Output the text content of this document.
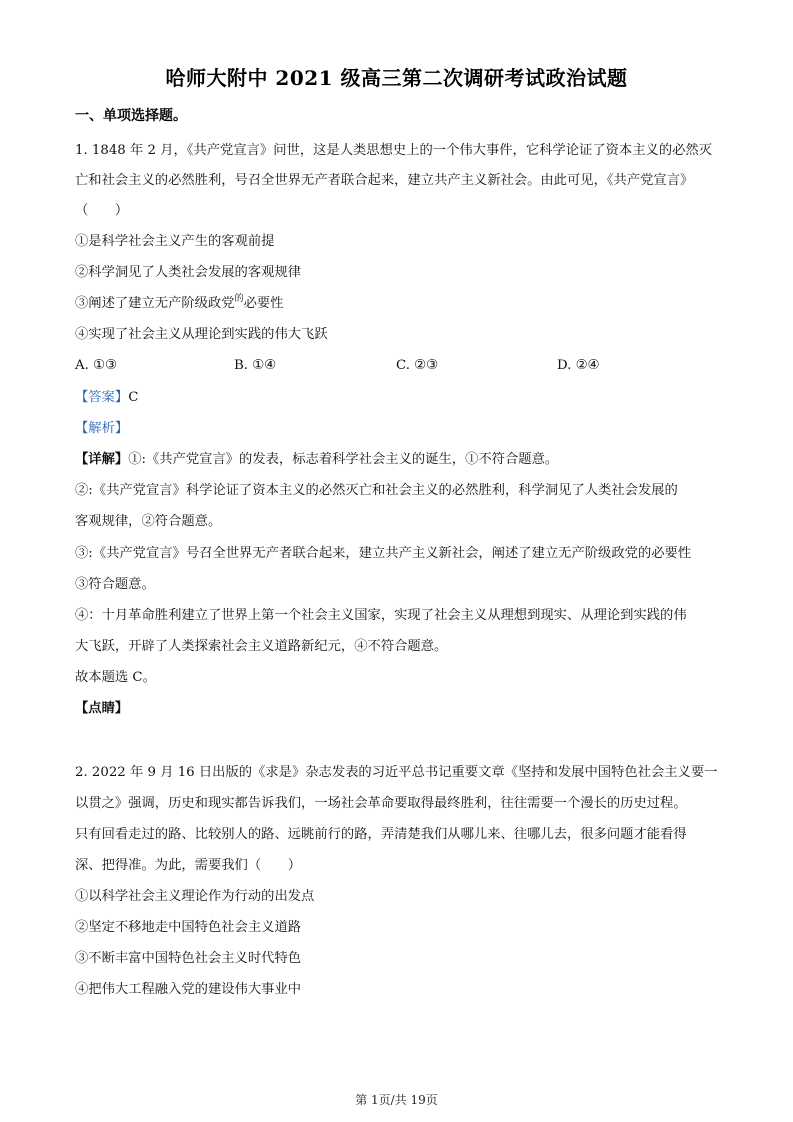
哈师大附中 2021 级高三第二次调研考试政治试题
一、单项选择题。
1. 1848 年 2 月，《共产党宣言》问世，这是人类思想史上的一个伟大事件，它科学论证了资本主义的必然灭
亡和社会主义的必然胜利，号召全世界无产者联合起来，建立共产主义新社会。由此可见，《共产党宣言》
（　　）
①是科学社会主义产生的客观前提
②科学洞见了人类社会发展的客观规律
③阐述了建立无产阶级政党$^的$必要性
④实现了社会主义从理论到实践的伟大飞跃
A. ①③	B. ①④	C. ②③	D. ②④
【答案】C
【解析】
【详解】①:《共产党宣言》的发表，标志着科学社会主义的诞生，①不符合题意。
②:《共产党宣言》科学论证了资本主义的必然灭亡和社会主义的必然胜利，科学洞见了人类社会发展的
客观规律，②符合题意。
③:《共产党宣言》号召全世界无产者联合起来，建立共产主义新社会，阐述了建立无产阶级政党的必要性
③符合题意。
④：十月革命胜利建立了世界上第一个社会主义国家，实现了社会主义从理想到现实、从理论到实践的伟
大飞跃，开辟了人类探索社会主义道路新纪元，④不符合题意。
故本题选 C。
【点睛】
2. 2022 年 9 月 16 日出版的《求是》杂志发表的习近平总书记重要文章《坚持和发展中国特色社会主义要一
以贯之》强调，历史和现实都告诉我们，一场社会革命要取得最终胜利，往往需要一个漫长的历史过程。
只有回看走过的路、比较别人的路、远眺前行的路，弄清楚我们从哪儿来、往哪儿去，很多问题才能看得
深、把得准。为此，需要我们（　　）
①以科学社会主义理论作为行动的出发点
②坚定不移地走中国特色社会主义道路
③不断丰富中国特色社会主义时代特色
④把伟大工程融入党的建设伟大事业中
第 1页/共 19页
